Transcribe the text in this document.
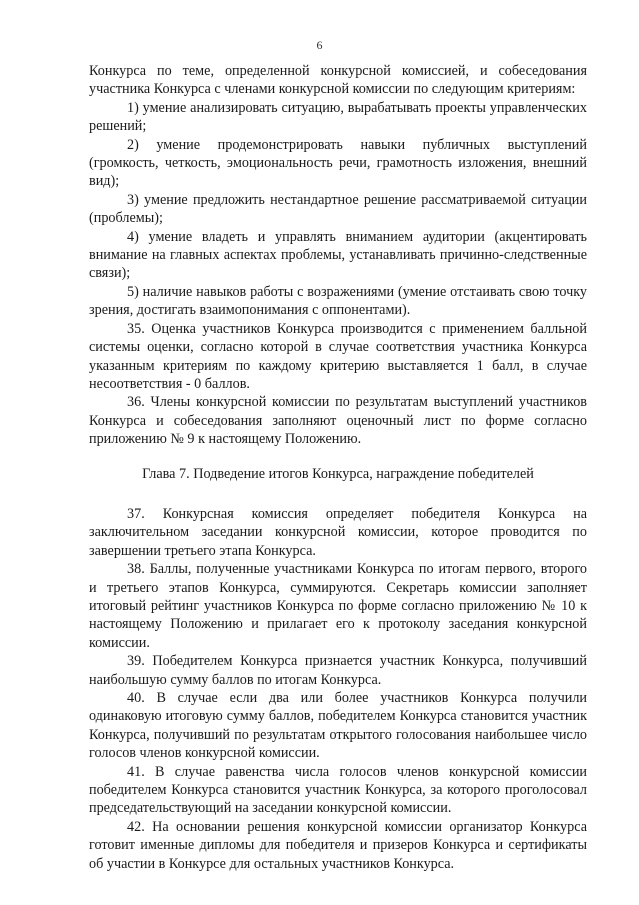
6

Конкурса по теме, определенной конкурсной комиссией, и собеседования участника Конкурса с членами конкурсной комиссии по следующим критериям:

1) умение анализировать ситуацию, вырабатывать проекты управленческих решений;

2) умение продемонстрировать навыки публичных выступлений (громкость, четкость, эмоциональность речи, грамотность изложения, внешний вид);

3) умение предложить нестандартное решение рассматриваемой ситуации (проблемы);

4) умение владеть и управлять вниманием аудитории (акцентировать внимание на главных аспектах проблемы, устанавливать причинно-следственные связи);

5) наличие навыков работы с возражениями (умение отстаивать свою точку зрения, достигать взаимопонимания с оппонентами).

35. Оценка участников Конкурса производится с применением балльной системы оценки, согласно которой в случае соответствия участника Конкурса указанным критериям по каждому критерию выставляется 1 балл, в случае несоответствия - 0 баллов.

36. Члены конкурсной комиссии по результатам выступлений участников Конкурса и собеседования заполняют оценочный лист по форме согласно приложению № 9 к настоящему Положению.

Глава 7. Подведение итогов Конкурса, награждение победителей

37. Конкурсная комиссия определяет победителя Конкурса на заключительном заседании конкурсной комиссии, которое проводится по завершении третьего этапа Конкурса.

38. Баллы, полученные участниками Конкурса по итогам первого, второго и третьего этапов Конкурса, суммируются. Секретарь комиссии заполняет итоговый рейтинг участников Конкурса по форме согласно приложению № 10 к настоящему Положению и прилагает его к протоколу заседания конкурсной комиссии.

39. Победителем Конкурса признается участник Конкурса, получивший наибольшую сумму баллов по итогам Конкурса.

40. В случае если два или более участников Конкурса получили одинаковую итоговую сумму баллов, победителем Конкурса становится участник Конкурса, получивший по результатам открытого голосования наибольшее число голосов членов конкурсной комиссии.

41. В случае равенства числа голосов членов конкурсной комиссии победителем Конкурса становится участник Конкурса, за которого проголосовал председательствующий на заседании конкурсной комиссии.

42. На основании решения конкурсной комиссии организатор Конкурса готовит именные дипломы для победителя и призеров Конкурса и сертификаты об участии в Конкурсе для остальных участников Конкурса.
